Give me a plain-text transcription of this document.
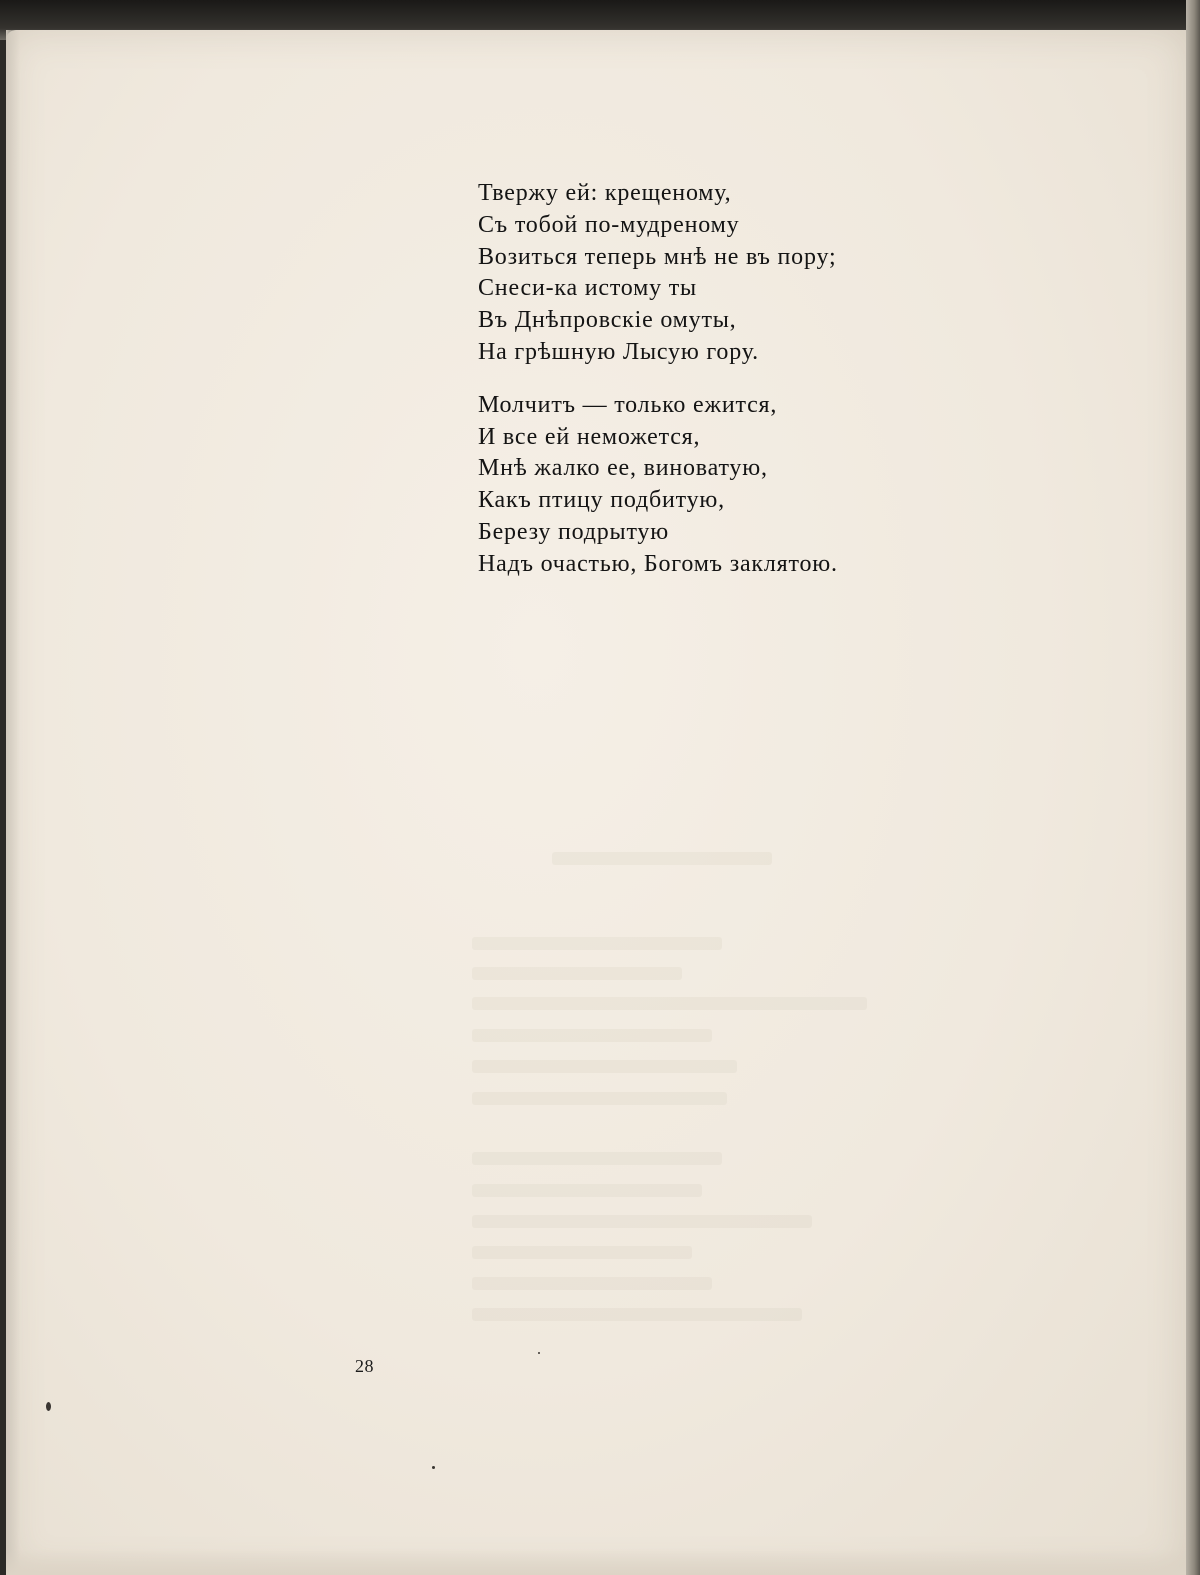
Твержу ей: крещеному,
Съ тобой по-мудреному
Возиться теперь мнѣ не въ пору;
Снеси-ка истому ты
Въ Днѣпровскіе омуты,
На грѣшную Лысую гору.
Молчитъ — только ежится,
И все ей неможется,
Мнѣ жалко ее, виноватую,
Какъ птицу подбитую,
Березу подрытую
Надъ очастью, Богомъ заклятою.
28
